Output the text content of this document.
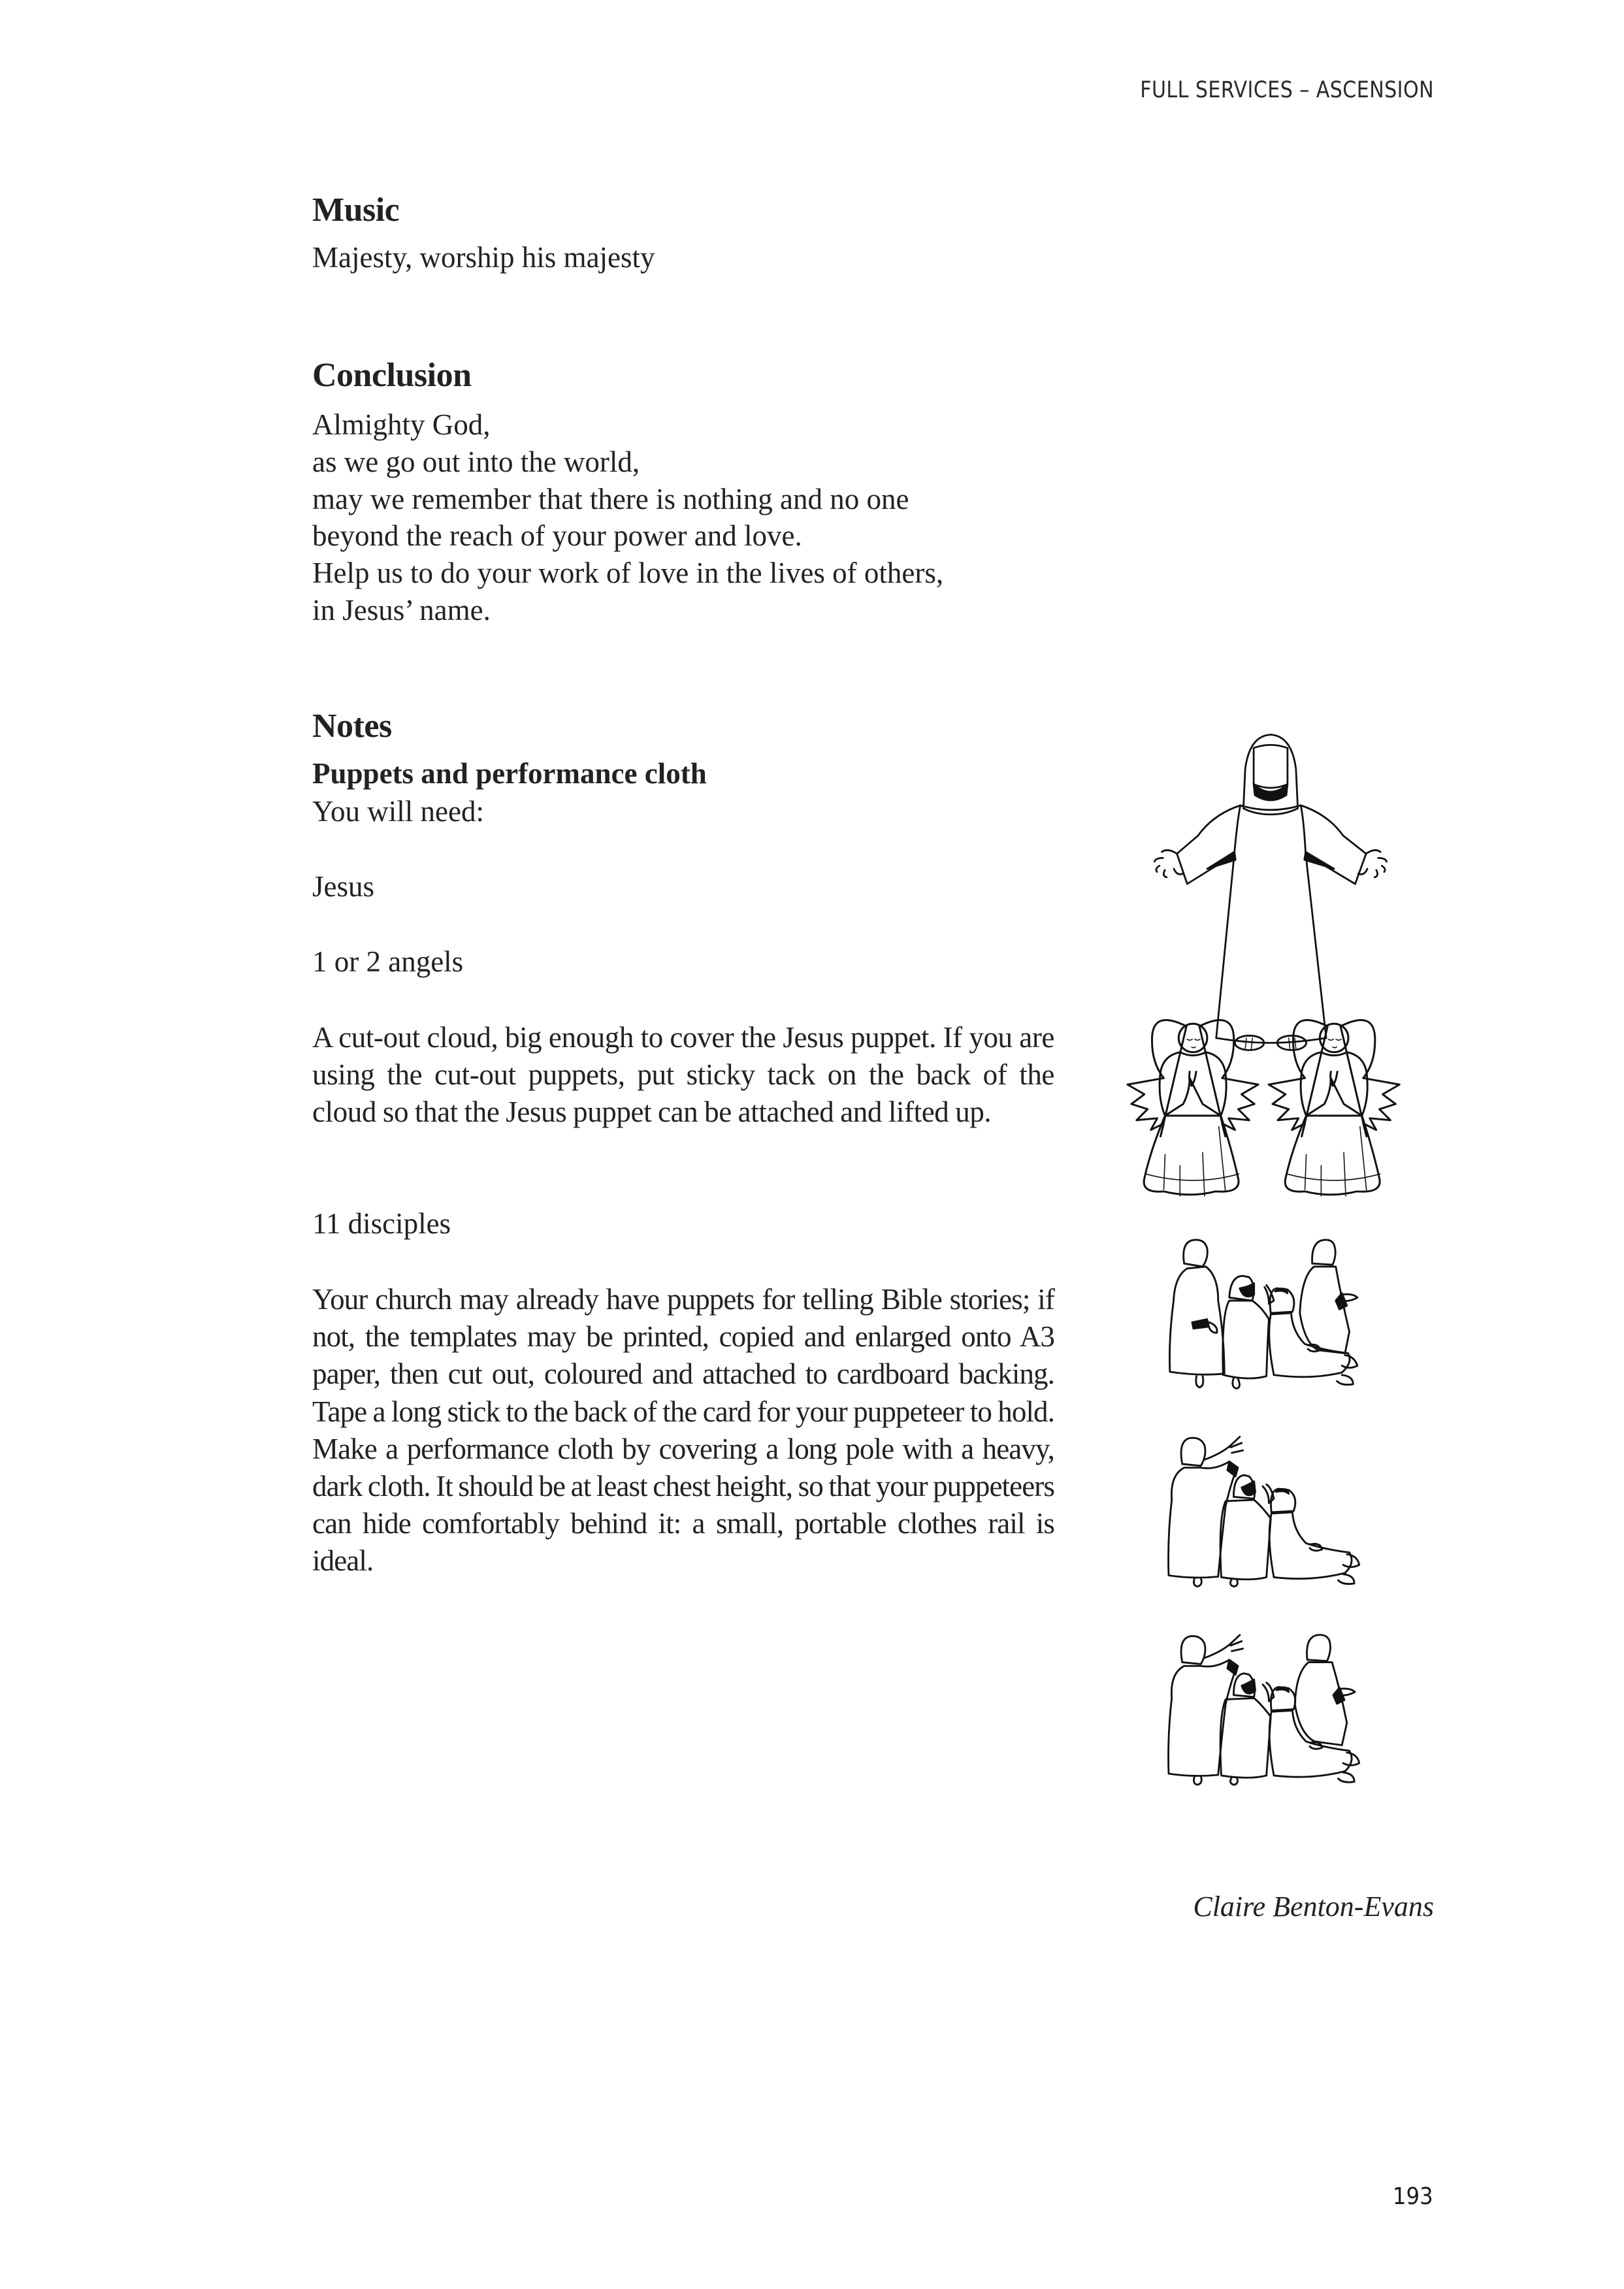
FULL SERVICES – ASCENSION
Music
Majesty, worship his majesty
Conclusion
Almighty God,
as we go out into the world,
may we remember that there is nothing and no one
beyond the reach of your power and love.
Help us to do your work of love in the lives of others,
in Jesus’ name.
Notes
Puppets and performance cloth
You will need:
Jesus
1 or 2 angels
A cut-out cloud, big enough to cover the Jesus puppet. If you are using the cut-out puppets, put sticky tack on the back of the cloud so that the Jesus puppet can be attached and lifted up.
11 disciples
Your church may already have puppets for telling Bible stories; if not, the templates may be printed, copied and enlarged onto A3 paper, then cut out, coloured and attached to cardboard backing. Tape a long stick to the back of the card for your puppeteer to hold. Make a performance cloth by covering a long pole with a heavy, dark cloth. It should be at least chest height, so that your puppeteers can hide comfortably behind it: a small, portable clothes rail is ideal.
Claire Benton-Evans
193
